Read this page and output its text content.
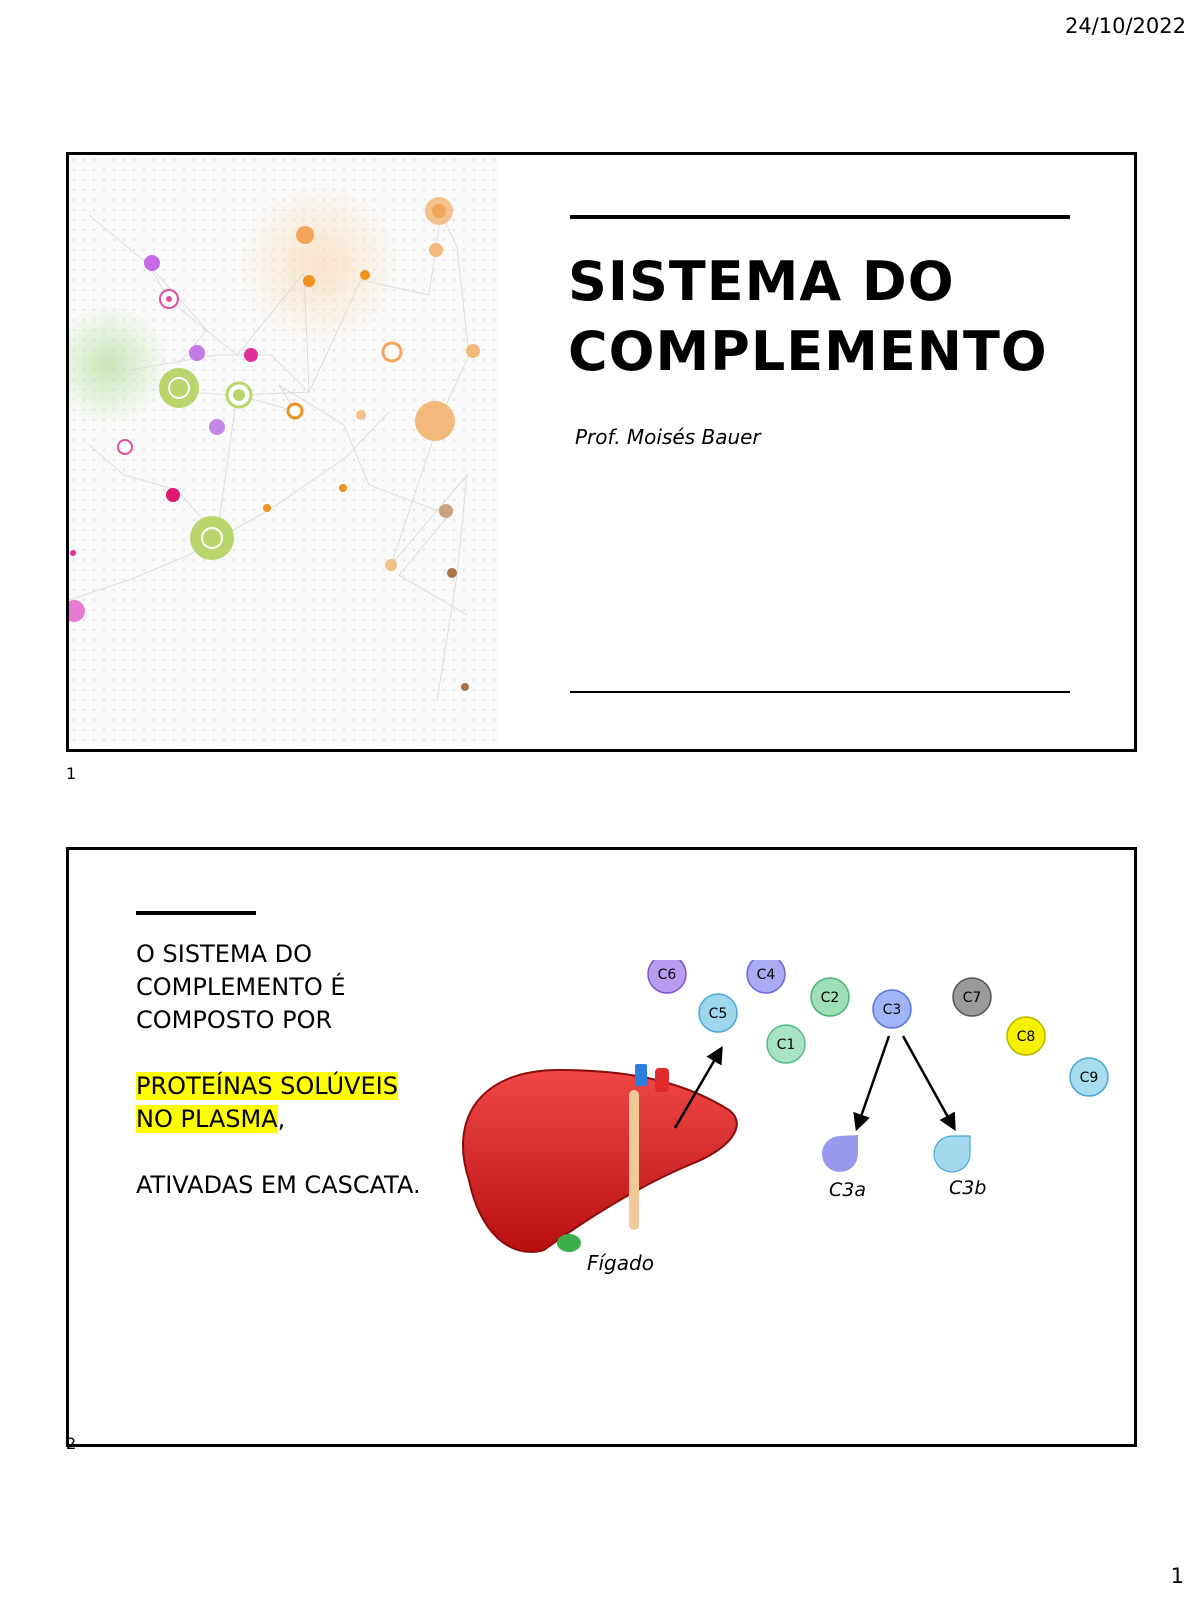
24/10/2022
SISTEMA DO
COMPLEMENTO
Prof. Moisés Bauer
1

O SISTEMA DO COMPLEMENTO É COMPOSTO POR

PROTEÍNAS SOLÚVEIS NO PLASMA,

ATIVADAS EM CASCATA.

Fígado
C6	C4
C5
C2
C3
C7
C8
C1
C9
C3a	C3b
2
1
